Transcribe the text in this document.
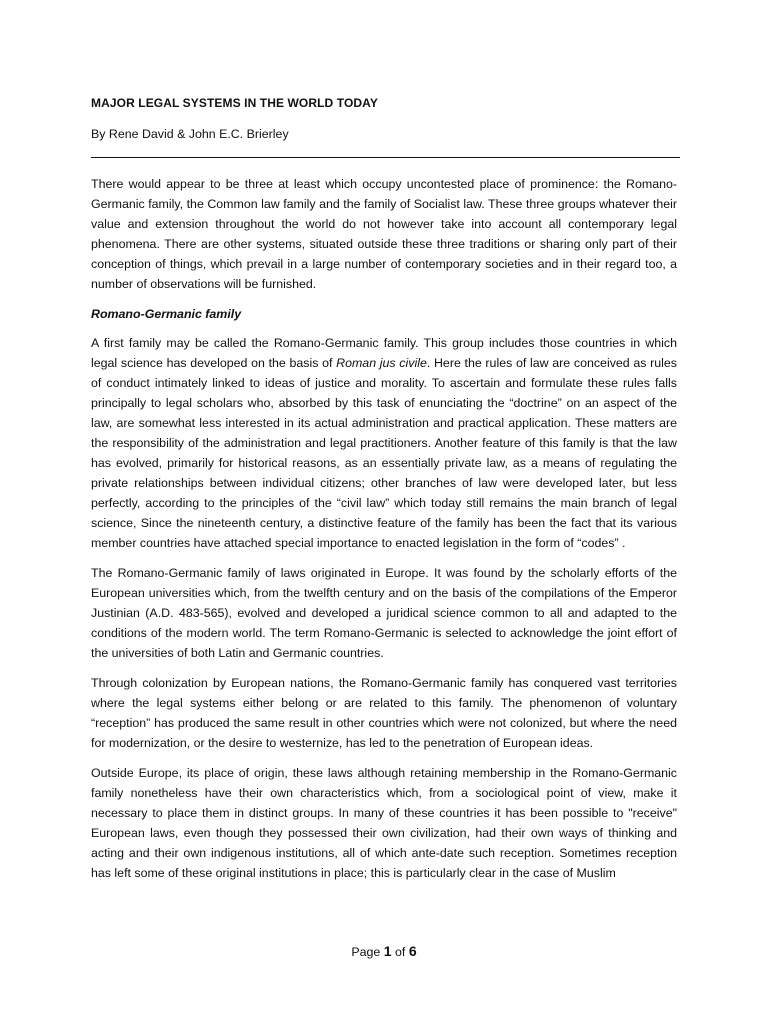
MAJOR LEGAL SYSTEMS IN THE WORLD TODAY
By Rene David & John E.C. Brierley

There would appear to be three at least which occupy uncontested place of prominence: the Romano-Germanic family, the Common law family and the family of Socialist law. These three groups whatever their value and extension throughout the world do not however take into account all contemporary legal phenomena. There are other systems, situated outside these three traditions or sharing only part of their conception of things, which prevail in a large number of contemporary societies and in their regard too, a number of observations will be furnished.

Romano-Germanic family

A first family may be called the Romano-Germanic family. This group includes those countries in which legal science has developed on the basis of Roman jus civile. Here the rules of law are conceived as rules of conduct intimately linked to ideas of justice and morality. To ascertain and formulate these rules falls principally to legal scholars who, absorbed by this task of enunciating the “doctrine” on an aspect of the law, are somewhat less interested in its actual administration and practical application. These matters are the responsibility of the administration and legal practitioners. Another feature of this family is that the law has evolved, primarily for historical reasons, as an essentially private law, as a means of regulating the private relationships between individual citizens; other branches of law were developed later, but less perfectly, according to the principles of the “civil law” which today still remains the main branch of legal science, Since the nineteenth century, a distinctive feature of the family has been the fact that its various member countries have attached special importance to enacted legislation in the form of “codes” .

The Romano-Germanic family of laws originated in Europe. It was found by the scholarly efforts of the European universities which, from the twelfth century and on the basis of the compilations of the Emperor Justinian (A.D. 483-565), evolved and developed a juridical science common to all and adapted to the conditions of the modern world. The term Romano-Germanic is selected to acknowledge the joint effort of the universities of both Latin and Germanic countries.

Through colonization by European nations, the Romano-Germanic family has conquered vast territories where the legal systems either belong or are related to this family. The phenomenon of voluntary “reception” has produced the same result in other countries which were not colonized, but where the need for modernization, or the desire to westernize, has led to the penetration of European ideas.

Outside Europe, its place of origin, these laws although retaining membership in the Romano-Germanic family nonetheless have their own characteristics which, from a sociological point of view, make it necessary to place them in distinct groups. In many of these countries it has been possible to "receive" European laws, even though they possessed their own civilization, had their own ways of thinking and acting and their own indigenous institutions, all of which ante-date such reception. Sometimes reception has left some of these original institutions in place; this is particularly clear in the case of Muslim

Page 1 of 6
